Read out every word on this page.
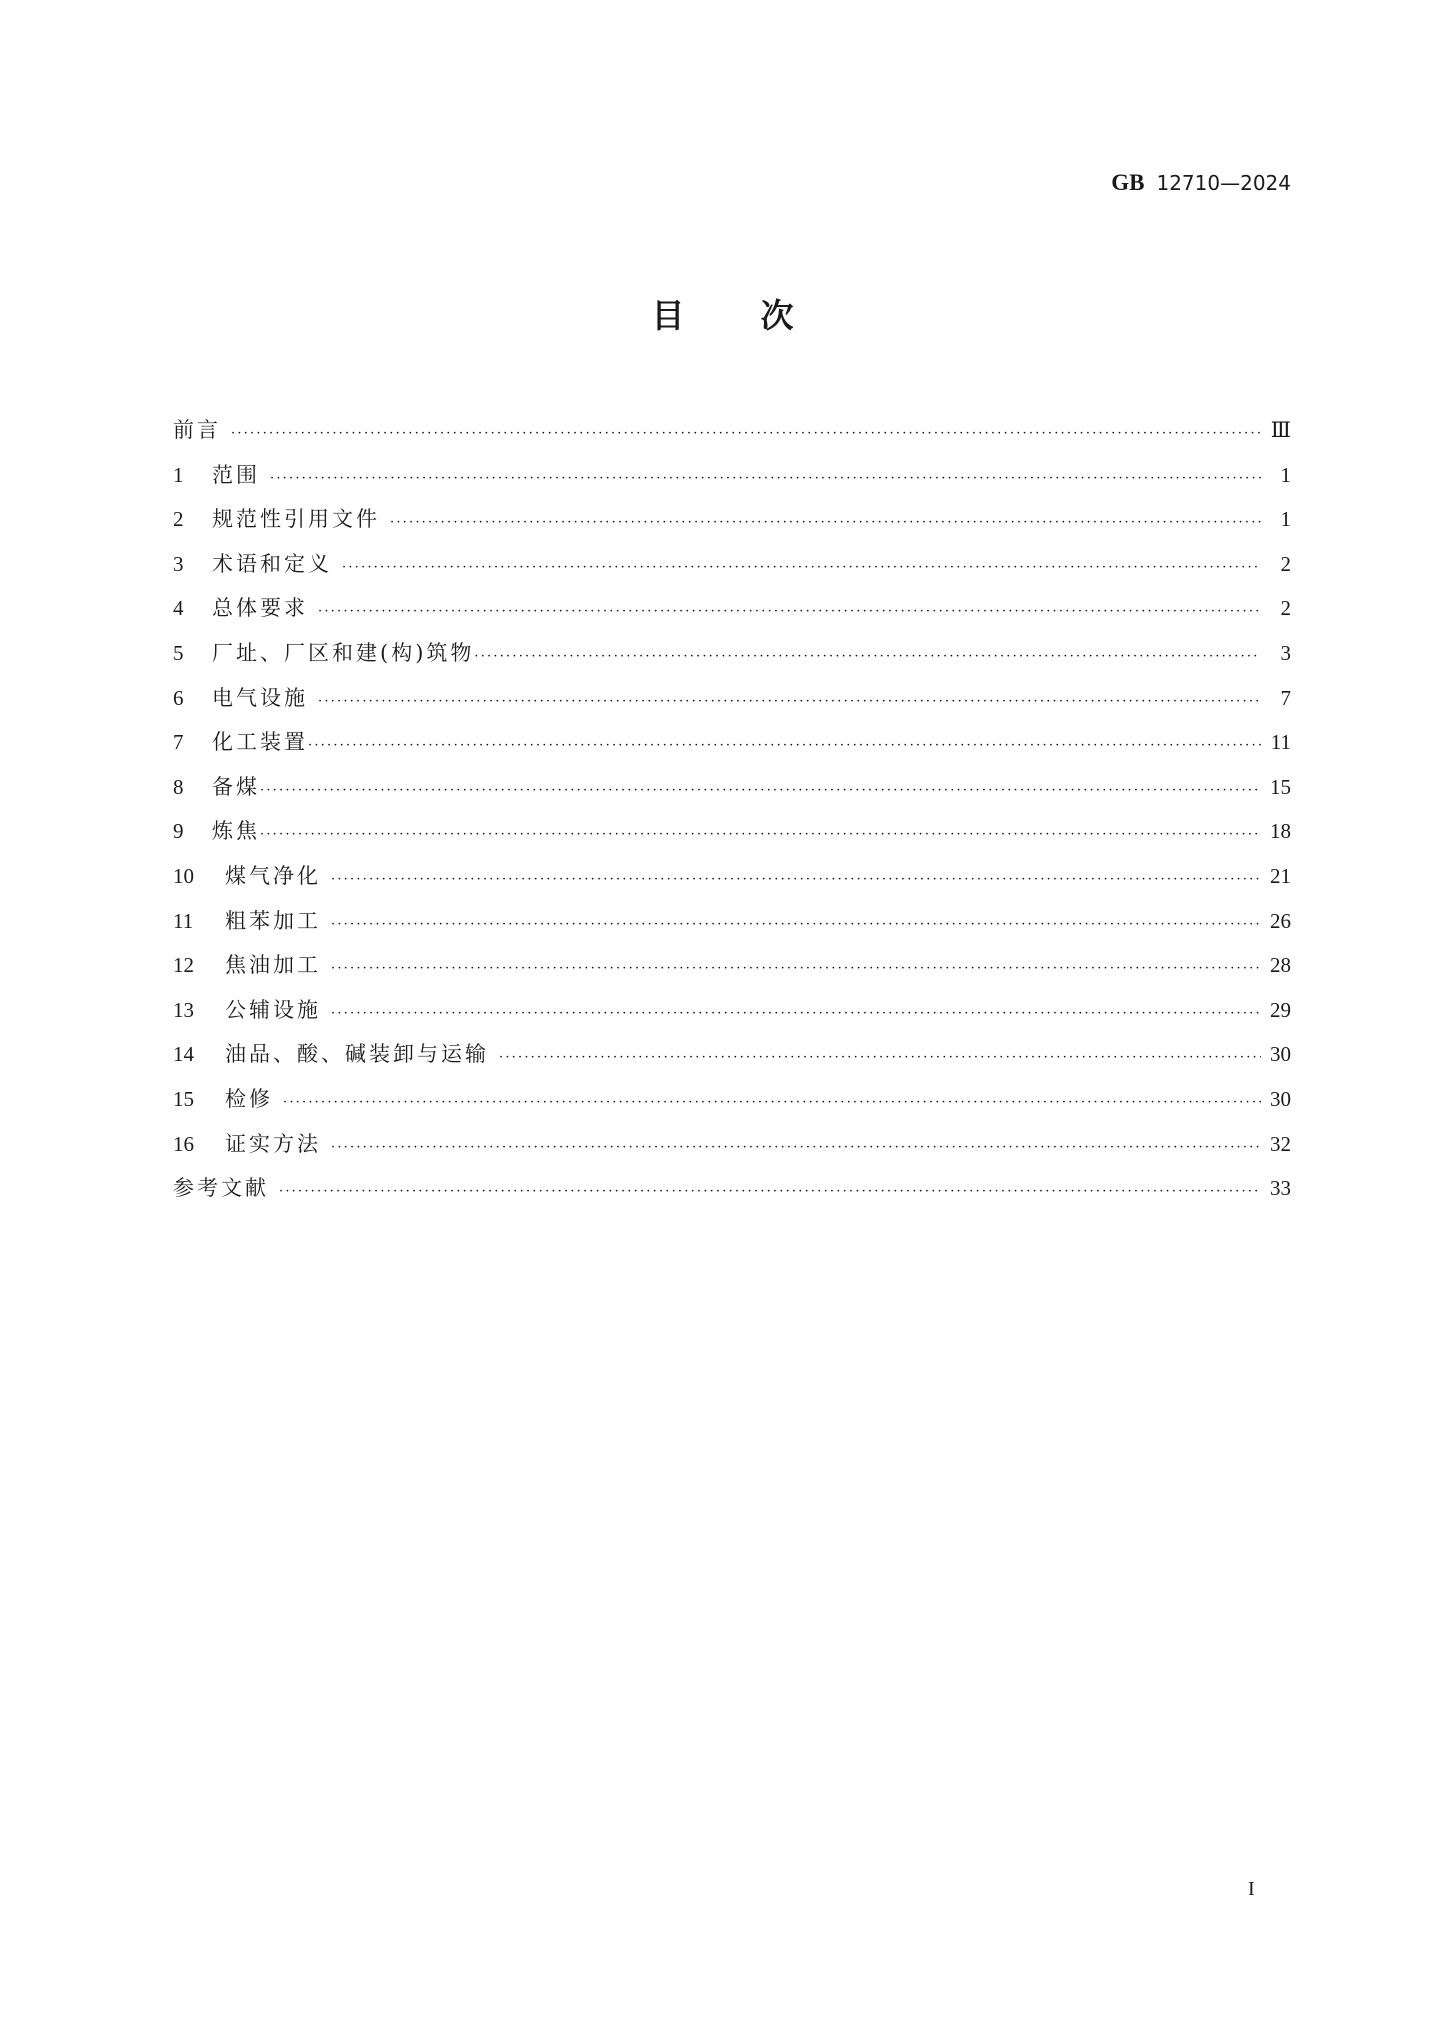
GB 12710—2024
目 次
前言 ·····	Ⅲ
1	范围 ·····	1
2	规范性引用文件 ·····	1
3	术语和定义 ·····	2
4	总体要求 ·····	2
5	厂址、厂区和建(构)筑物 ·····	3
6	电气设施 ·····	7
7	化工装置 ·····	11
8	备煤 ·····	15
9	炼焦 ·····	18
10	煤气净化 ·····	21
11	粗苯加工 ·····	26
12	焦油加工 ·····	28
13	公辅设施 ·····	29
14	油品、酸、碱装卸与运输 ·····	30
15	检修 ·····	30
16	证实方法 ·····	32
参考文献 ·····	33
I
